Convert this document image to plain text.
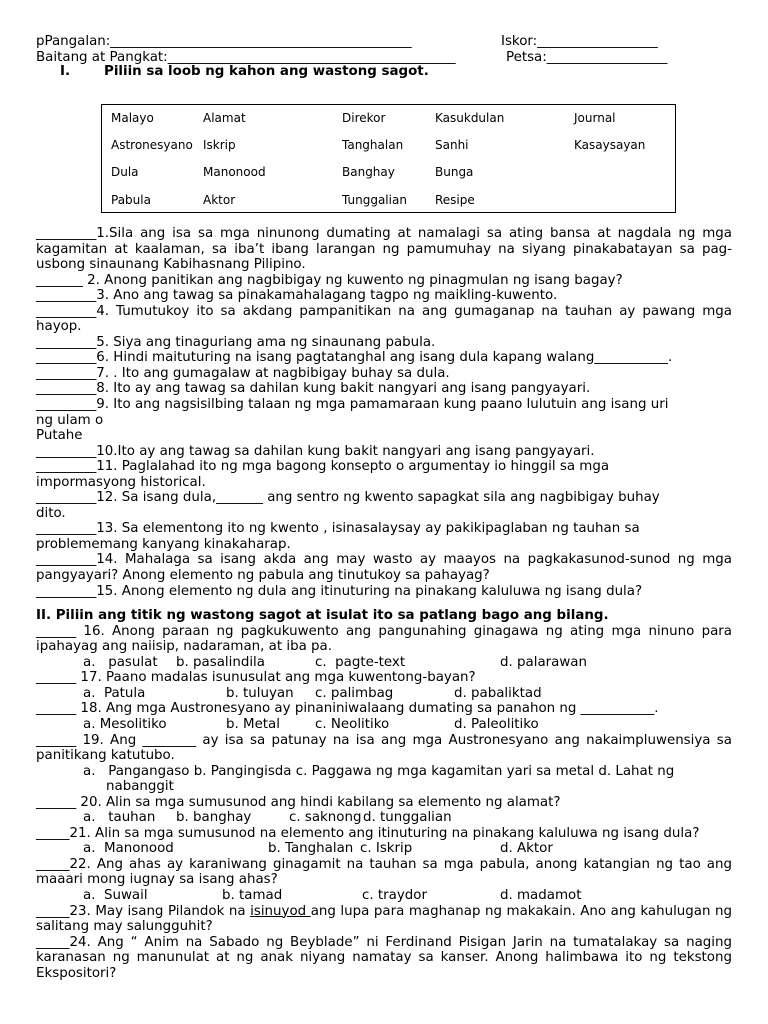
pPangalan:_____________________________________________

	Iskor:__________________

Baitang at Pangkat:___________________________________________

	Petsa:__________________

I.	Piliin sa loob ng kahon ang wastong sagot.
Malayo	Alamat	Direkor	Kasukdulan	Journal
Astronesyano Iskrip	Tanghalan	Sanhi	Kasaysayan
Dula	Manonood	Banghay	Bunga
Pabula	Aktor	Tunggalian Resipe
_________1.Sila ang isa sa mga ninunong dumating at namalagi sa ating bansa at nagdala ng mga kagamitan at kaalaman, sa iba’t ibang larangan ng pamumuhay na siyang pinakabatayan sa pag-usbong sinaunang Kabihasnang Pilipino.
_______ 2. Anong panitikan ang nagbibigay ng kuwento ng pinagmulan ng isang bagay?
_________3. Ano ang tawag sa pinakamahalagang tagpo ng maikling-kuwento.
_________4. Tumutukoy ito sa akdang pampanitikan na ang gumaganap na tauhan ay pawang mga hayop.
_________5. Siya ang tinaguriang ama ng sinaunang pabula.
_________6. Hindi maituturing na isang pagtatanghal ang isang dula kapang walang___________.
_________7. . Ito ang gumagalaw at nagbibigay buhay sa dula.
_________8. Ito ay ang tawag sa dahilan kung bakit nangyari ang isang pangyayari.
_________9. Ito ang nagsisilbing talaan ng mga pamamaraan kung paano lulutuin ang isang uri
ng ulam o
Putahe
_________10.Ito ay ang tawag sa dahilan kung bakit nangyari ang isang pangyayari.
_________11. Paglalahad ito ng mga bagong konsepto o argumentay io hinggil sa mga
impormasyong historical.
_________12. Sa isang dula,_______ ang sentro ng kwento sapagkat sila ang nagbibigay buhay
dito.
_________13. Sa elementong ito ng kwento , isinasalaysay ay pakikipaglaban ng tauhan sa
problememang kanyang kinakaharap.
_________14. Mahalaga sa isang akda ang may wasto ay maayos na pagkakasunod-sunod ng mga pangyayari? Anong elemento ng pabula ang tinutukoy sa pahayag?
_________15. Anong elemento ng dula ang itinuturing na pinakang kaluluwa ng isang dula?
II. Piliin ang titik ng wastong sagot at isulat ito sa patlang bago ang bilang.
______ 16. Anong paraan ng pagkukuwento ang pangunahing ginagawa ng ating mga ninuno para ipahayag ang naiisip, nadaraman, at iba pa.
a.   pasulat b. pasalindila	c.  pagte-text	d. palarawan
______ 17. Paano madalas isunusulat ang mga kuwentong-bayan?
a.  Patula	b. tuluyan c. palimbag	d. pabaliktad
______ 18. Ang mga Austronesyano ay pinaniniwalaang dumating sa panahon ng ___________.
a. Mesolitiko	b. Metal	c. Neolitiko	d. Paleolitiko
______ 19. Ang ________ ay isa sa patunay na isa ang mga Austronesyano ang nakaimpluwensiya sa panitikang katutubo.
a.   Pangangaso b. Pangingisda c. Paggawa ng mga kagamitan yari sa metal d. Lahat ng
nabanggit
______ 20. Alin sa mga sumusunod ang hindi kabilang sa elemento ng alamat?
a.   tauhan b. banghay	c. saknong d. tunggalian
_____21. Alin sa mga sumusunod na elemento ang itinuturing na pinakang kaluluwa ng isang dula?
a.  Manonood	b. Tanghalan c. Iskrip	d. Aktor
_____22. Ang ahas ay karaniwang ginagamit na tauhan sa mga pabula, anong katangian ng tao ang maaari mong iugnay sa isang ahas?
a.  Suwail	b. tamad	c. traydor	d. madamot
_____23. May isang Pilandok na isinuyod ang lupa para maghanap ng makakain. Ano ang kahulugan ng salitang may salungguhit?
_____24. Ang “ Anim na Sabado ng Beyblade” ni Ferdinand Pisigan Jarin na tumatalakay sa naging karanasan ng manunulat at ng anak niyang namatay sa kanser. Anong halimbawa ito ng tekstong Ekspositori?
